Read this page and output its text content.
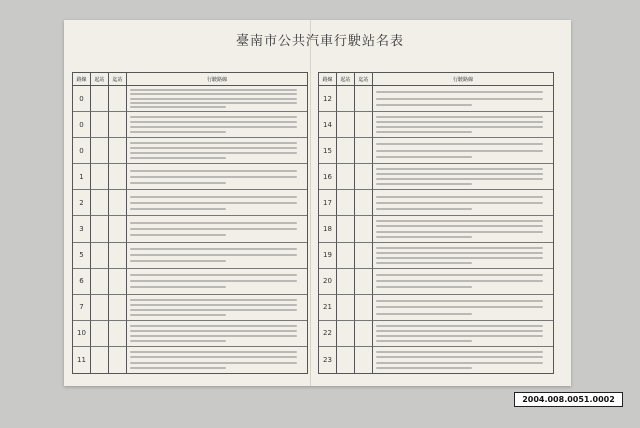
臺南市公共汽車行駛站名表
路線	起站	迄站	行駛路線
0
0
0
1
2
3
5
6
7
10
11
路線	起站	迄站	行駛路線
12
14
15
16
17
18
19
20
21
22
23
2004.008.0051.0002
